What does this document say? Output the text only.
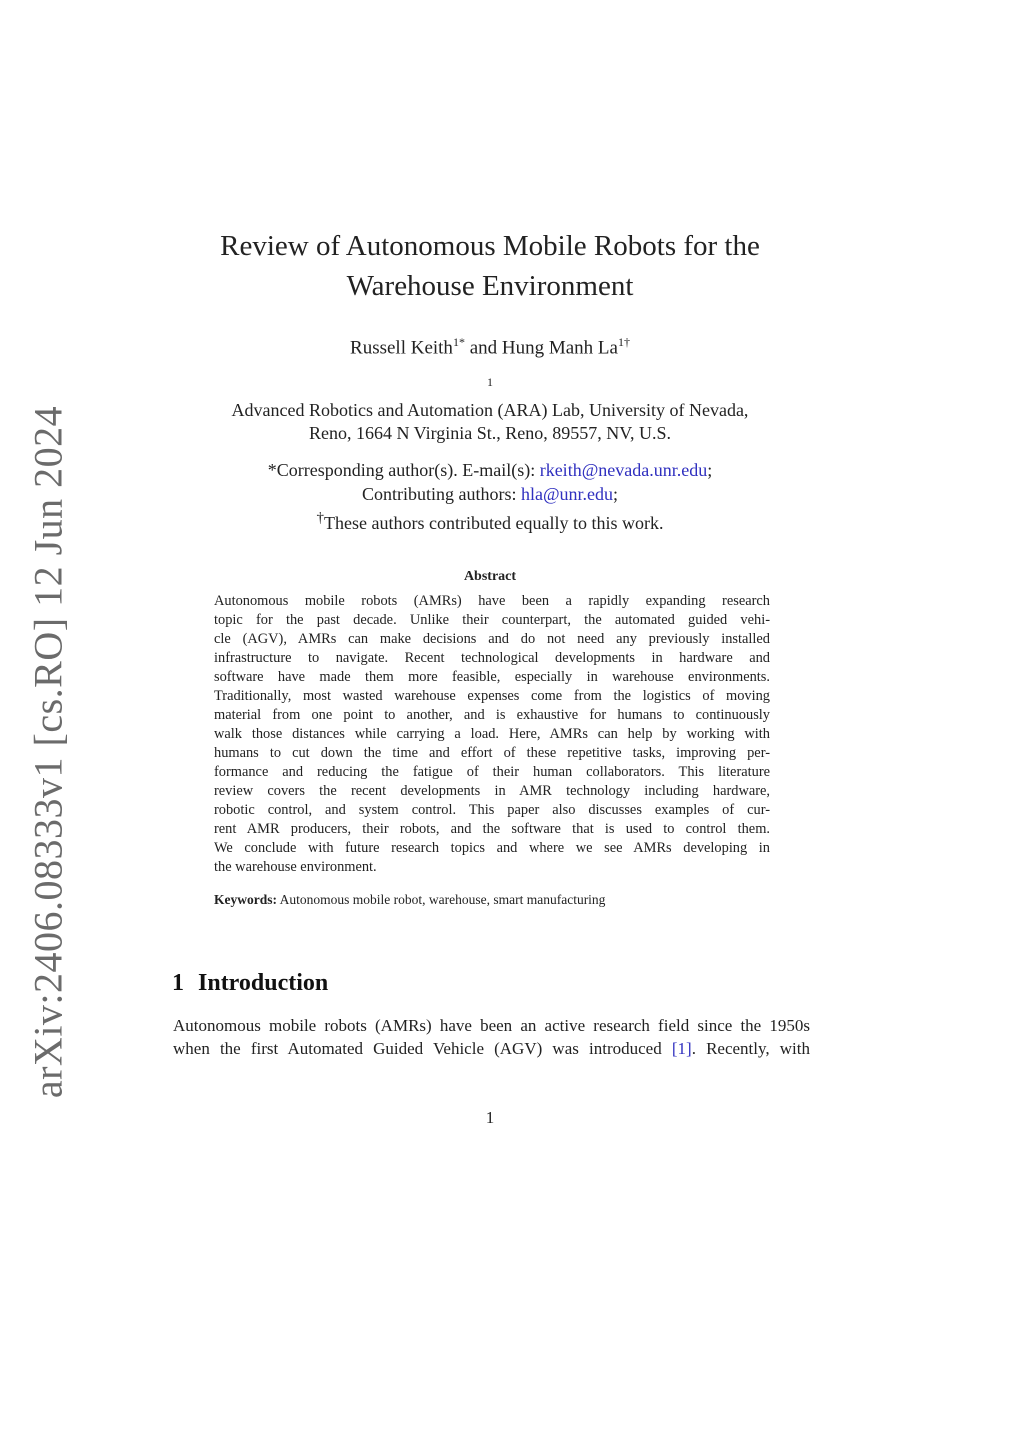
arXiv:2406.08333v1 [cs.RO] 12 Jun 2024
Review of Autonomous Mobile Robots for the
Warehouse Environment
Russell Keith$^{1*}$ and Hung Manh $La^{1\dagger}$
$^1$
Advanced Robotics and Automation (ARA) Lab, University of Nevada,
Reno, 1664 N Virginia St., Reno, 89557, NV, U.S.
*Corresponding author(s). E-mail(s): rkeith@nevada.unr.edu;
Contributing authors: hla@unr.edu;
†These authors contributed equally to this work.
Abstract
Autonomous mobile robots (AMRs) have been a rapidly expanding research
topic for the past decade. Unlike their counterpart, the automated guided vehi-
cle (AGV), AMRs can make decisions and do not need any previously installed
infrastructure to navigate. Recent technological developments in hardware and
software have made them more feasible, especially in warehouse environments.
Traditionally, most wasted warehouse expenses come from the logistics of moving
material from one point to another, and is exhaustive for humans to continuously
walk those distances while carrying a load. Here, AMRs can help by working with
humans to cut down the time and effort of these repetitive tasks, improving per-
formance and reducing the fatigue of their human collaborators. This literature
review covers the recent developments in AMR technology including hardware,
robotic control, and system control. This paper also discusses examples of cur-
rent AMR producers, their robots, and the software that is used to control them.
We conclude with future research topics and where we see AMRs developing in
the warehouse environment.
Keywords: Autonomous mobile robot, warehouse, smart manufacturing
1 Introduction
Autonomous mobile robots (AMRs) have been an active research field since the 1950s
when the first Automated Guided Vehicle (AGV) was introduced [1]. Recently, with
1
